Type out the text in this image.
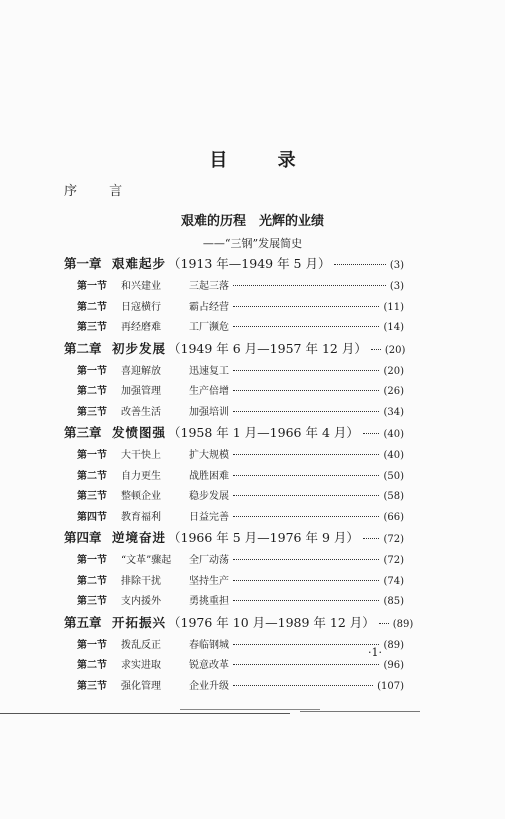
目 录
序 言
艰难的历程　光辉的业绩
——“三钢”发展简史
第一章 艰难起步 （1913 年—1949 年 5 月）	(3)
第一节	和兴建业	三起三落	(3)
第二节	日寇横行	霸占经营	(11)
第三节	再经磨难	工厂濒危	(14)
第二章 初步发展 （1949 年 6 月—1957 年 12 月） (20)
第一节	喜迎解放	迅速复工	(20)
第二节	加强管理	生产倍增	(26)
第三节	改善生活	加强培训	(34)
第三章 发愤图强 （1958 年 1 月—1966 年 4 月） (40)
第一节	大干快上	扩大规模	(40)
第二节	自力更生	战胜困难	(50)
第三节	整顿企业	稳步发展	(58)
第四节	教育福利	日益完善	(66)
第四章 逆境奋进 （1966 年 5 月—1976 年 9 月） (72)
第一节	“文革”骤起	全厂动荡	(72)
第二节	排除干扰	坚持生产	(74)
第三节	支内援外	勇挑重担	(85)
第五章 开拓振兴 （1976 年 10 月—1989 年 12 月） (89)
第一节	拨乱反正	春临钢城	(89)
第二节	求实进取	锐意改革	(96)
第三节	强化管理	企业升级	(107)
·1·
